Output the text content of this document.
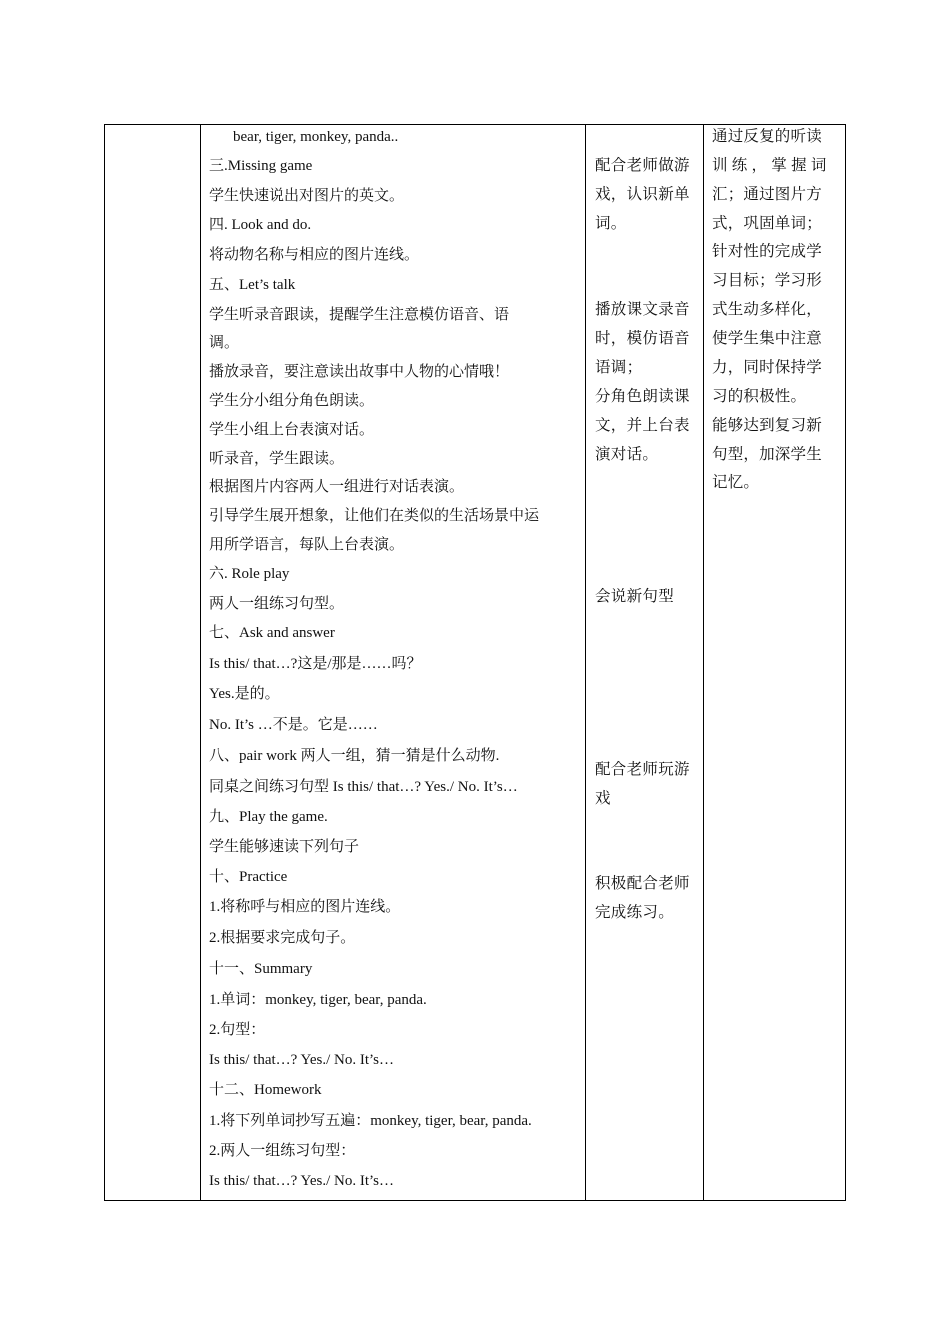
bear, tiger, monkey, panda..
三.Missing game
学生快速说出对图片的英文。
四. Look and do.
将动物名称与相应的图片连线。
五、Let’s talk
学生听录音跟读，提醒学生注意模仿语音、语
调。
播放录音，要注意读出故事中人物的心情哦！
学生分小组分角色朗读。
学生小组上台表演对话。
听录音，学生跟读。
根据图片内容两人一组进行对话表演。
引导学生展开想象，让他们在类似的生活场景中运
用所学语言，每队上台表演。
六. Role play
两人一组练习句型。
七、Ask and answer
Is this/ that…?这是/那是……吗？
Yes.是的。
No. It’s …不是。它是……
八、pair work 两人一组，猜一猜是什么动物.
同桌之间练习句型 Is this/ that…? Yes./ No. It’s…
九、Play the game.
学生能够速读下列句子
十、Practice
1.将称呼与相应的图片连线。
2.根据要求完成句子。
十一、Summary
1.单词：monkey, tiger, bear, panda.
2.句型：
Is this/ that…? Yes./ No. It’s…
十二、Homework
1.将下列单词抄写五遍：monkey, tiger, bear, panda.
2.两人一组练习句型：
Is this/ that…? Yes./ No. It’s…
配合老师做游
戏，认识新单
词。
播放课文录音
时，模仿语音
语调；
分角色朗读课
文，并上台表
演对话。
会说新句型
配合老师玩游
戏
积极配合老师
完成练习。
通过反复的听读
训 练 ， 掌 握 词
汇；通过图片方
式，巩固单词；
针对性的完成学
习目标；学习形
式生动多样化，
使学生集中注意
力，同时保持学
习的积极性。
能够达到复习新
句型，加深学生
记忆。
